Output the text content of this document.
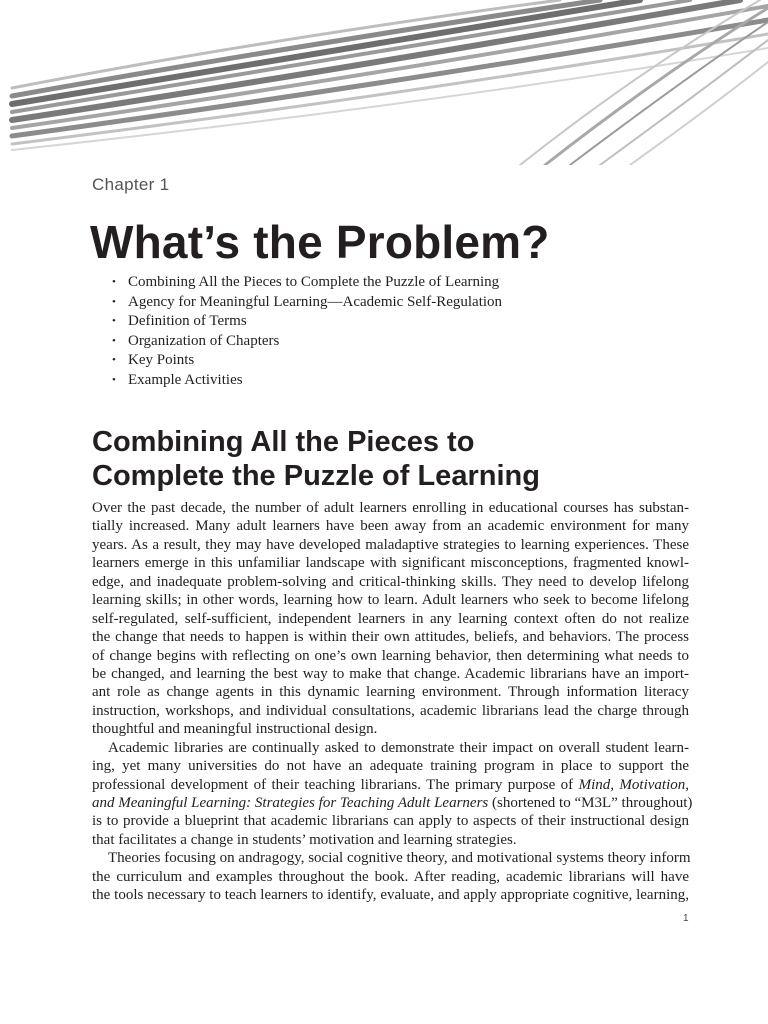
Chapter 1
What’s the Problem?
• Combining All the Pieces to Complete the Puzzle of Learning
• Agency for Meaningful Learning—Academic Self-Regulation
• Definition of Terms
• Organization of Chapters
• Key Points
• Example Activities
Combining All the Pieces to
Complete the Puzzle of Learning
Over the past decade, the number of adult learners enrolling in educational courses has substan-
tially increased. Many adult learners have been away from an academic environment for many
years. As a result, they may have developed maladaptive strategies to learning experiences. These
learners emerge in this unfamiliar landscape with significant misconceptions, fragmented knowl-
edge, and inadequate problem-solving and critical-thinking skills. They need to develop lifelong
learning skills; in other words, learning how to learn. Adult learners who seek to become lifelong
self-regulated, self-sufficient, independent learners in any learning context often do not realize
the change that needs to happen is within their own attitudes, beliefs, and behaviors. The process
of change begins with reflecting on one’s own learning behavior, then determining what needs to
be changed, and learning the best way to make that change. Academic librarians have an import-
ant role as change agents in this dynamic learning environment. Through information literacy
instruction, workshops, and individual consultations, academic librarians lead the charge through
thoughtful and meaningful instructional design.
Academic libraries are continually asked to demonstrate their impact on overall student learn-
ing, yet many universities do not have an adequate training program in place to support the
professional development of their teaching librarians. The primary purpose of Mind, Motivation,
and Meaningful Learning: Strategies for Teaching Adult Learners (shortened to “M3L” throughout)
is to provide a blueprint that academic librarians can apply to aspects of their instructional design
that facilitates a change in students’ motivation and learning strategies.
Theories focusing on andragogy, social cognitive theory, and motivational systems theory inform
the curriculum and examples throughout the book. After reading, academic librarians will have
the tools necessary to teach learners to identify, evaluate, and apply appropriate cognitive, learning,
1
